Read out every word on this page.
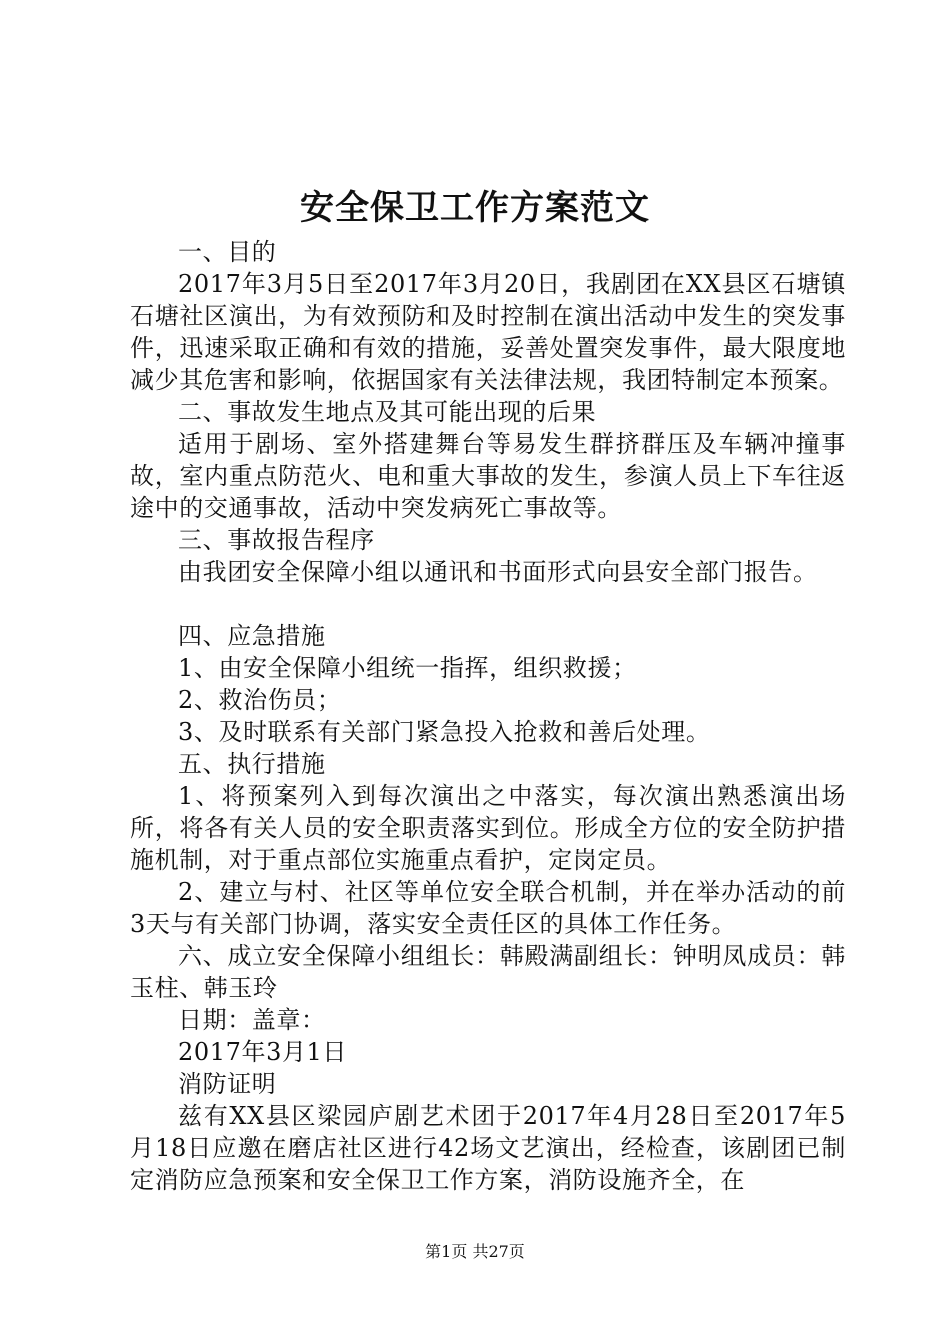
安全保卫工作方案范文

一、目的

2017年3月5日至2017年3月20日，我剧团在XX县区石塘镇石塘社区演出，为有效预防和及时控制在演出活动中发生的突发事件，迅速采取正确和有效的措施，妥善处置突发事件，最大限度地减少其危害和影响，依据国家有关法律法规，我团特制定本预案。

二、事故发生地点及其可能出现的后果

适用于剧场、室外搭建舞台等易发生群挤群压及车辆冲撞事故，室内重点防范火、电和重大事故的发生，参演人员上下车往返途中的交通事故，活动中突发病死亡事故等。

三、事故报告程序

由我团安全保障小组以通讯和书面形式向县安全部门报告。

四、应急措施

1、由安全保障小组统一指挥，组织救援；

2、救治伤员；

3、及时联系有关部门紧急投入抢救和善后处理。

五、执行措施

1、将预案列入到每次演出之中落实，每次演出熟悉演出场所，将各有关人员的安全职责落实到位。形成全方位的安全防护措施机制，对于重点部位实施重点看护，定岗定员。

2、建立与村、社区等单位安全联合机制，并在举办活动的前3天与有关部门协调，落实安全责任区的具体工作任务。

六、成立安全保障小组组长：韩殿满副组长：钟明凤成员：韩玉柱、韩玉玲

日期：盖章：

2017年3月1日

消防证明

兹有XX县区梁园庐剧艺术团于2017年4月28日至2017年5月18日应邀在磨店社区进行42场文艺演出，经检查，该剧团已制定消防应急预案和安全保卫工作方案，消防设施齐全，在

第1页 共27页
